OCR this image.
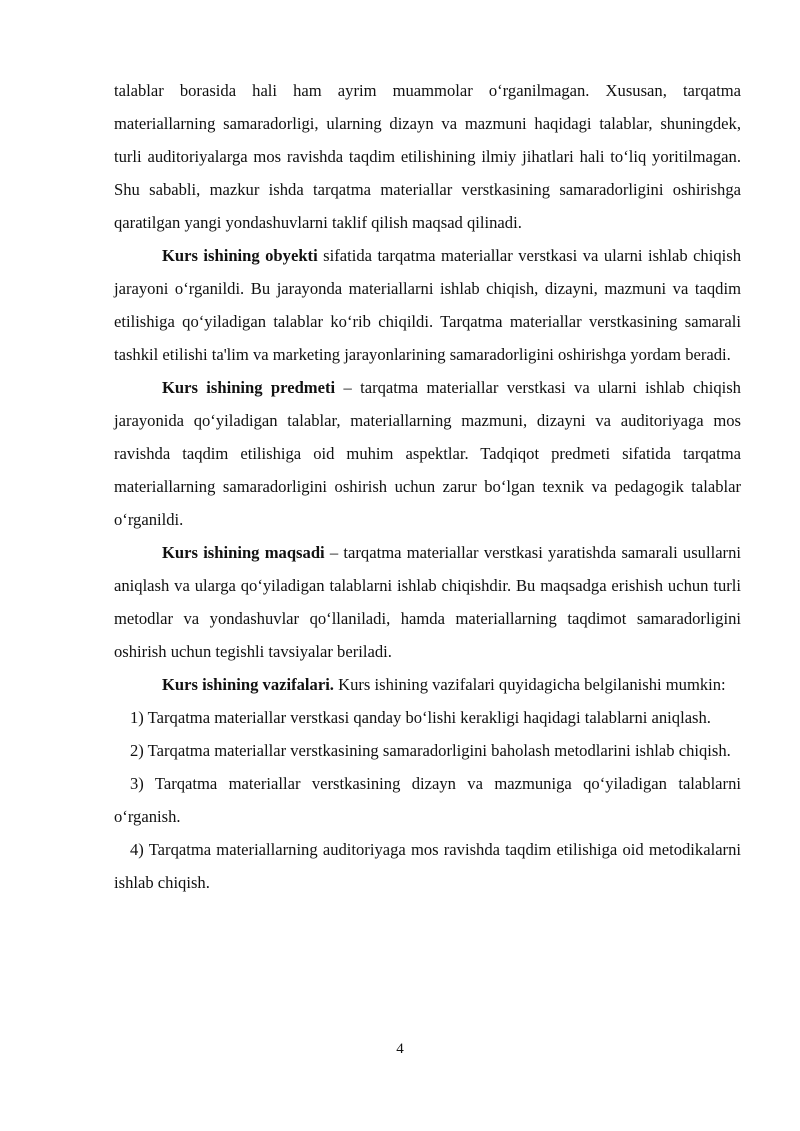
talablar borasida hali ham ayrim muammolar o‘rganilmagan. Xususan, tarqatma materiallarning samaradorligi, ularning dizayn va mazmuni haqidagi talablar, shuningdek, turli auditoriyalarga mos ravishda taqdim etilishining ilmiy jihatlari hali to‘liq yoritilmagan. Shu sababli, mazkur ishda tarqatma materiallar verstkasining samaradorligini oshirishga qaratilgan yangi yondashuvlarni taklif qilish maqsad qilinadi.

Kurs ishining obyekti sifatida tarqatma materiallar verstkasi va ularni ishlab chiqish jarayoni o‘rganildi. Bu jarayonda materiallarni ishlab chiqish, dizayni, mazmuni va taqdim etilishiga qo‘yiladigan talablar ko‘rib chiqildi. Tarqatma materiallar verstkasining samarali tashkil etilishi ta'lim va marketing jarayonlarining samaradorligini oshirishga yordam beradi.

Kurs ishining predmeti – tarqatma materiallar verstkasi va ularni ishlab chiqish jarayonida qo‘yiladigan talablar, materiallarning mazmuni, dizayni va auditoriyaga mos ravishda taqdim etilishiga oid muhim aspektlar. Tadqiqot predmeti sifatida tarqatma materiallarning samaradorligini oshirish uchun zarur bo‘lgan texnik va pedagogik talablar o‘rganildi.

Kurs ishining maqsadi – tarqatma materiallar verstkasi yaratishda samarali usullarni aniqlash va ularga qo‘yiladigan talablarni ishlab chiqishdir. Bu maqsadga erishish uchun turli metodlar va yondashuvlar qo‘llaniladi, hamda materiallarning taqdimot samaradorligini oshirish uchun tegishli tavsiyalar beriladi.

Kurs ishining vazifalari. Kurs ishining vazifalari quyidagicha belgilanishi mumkin:

1) Tarqatma materiallar verstkasi qanday bo‘lishi kerakligi haqidagi talablarni aniqlash.

2) Tarqatma materiallar verstkasining samaradorligini baholash metodlarini ishlab chiqish.

3) Tarqatma materiallar verstkasining dizayn va mazmuniga qo‘yiladigan talablarni o‘rganish.

4) Tarqatma materiallarning auditoriyaga mos ravishda taqdim etilishiga oid metodikalarni ishlab chiqish.

4
